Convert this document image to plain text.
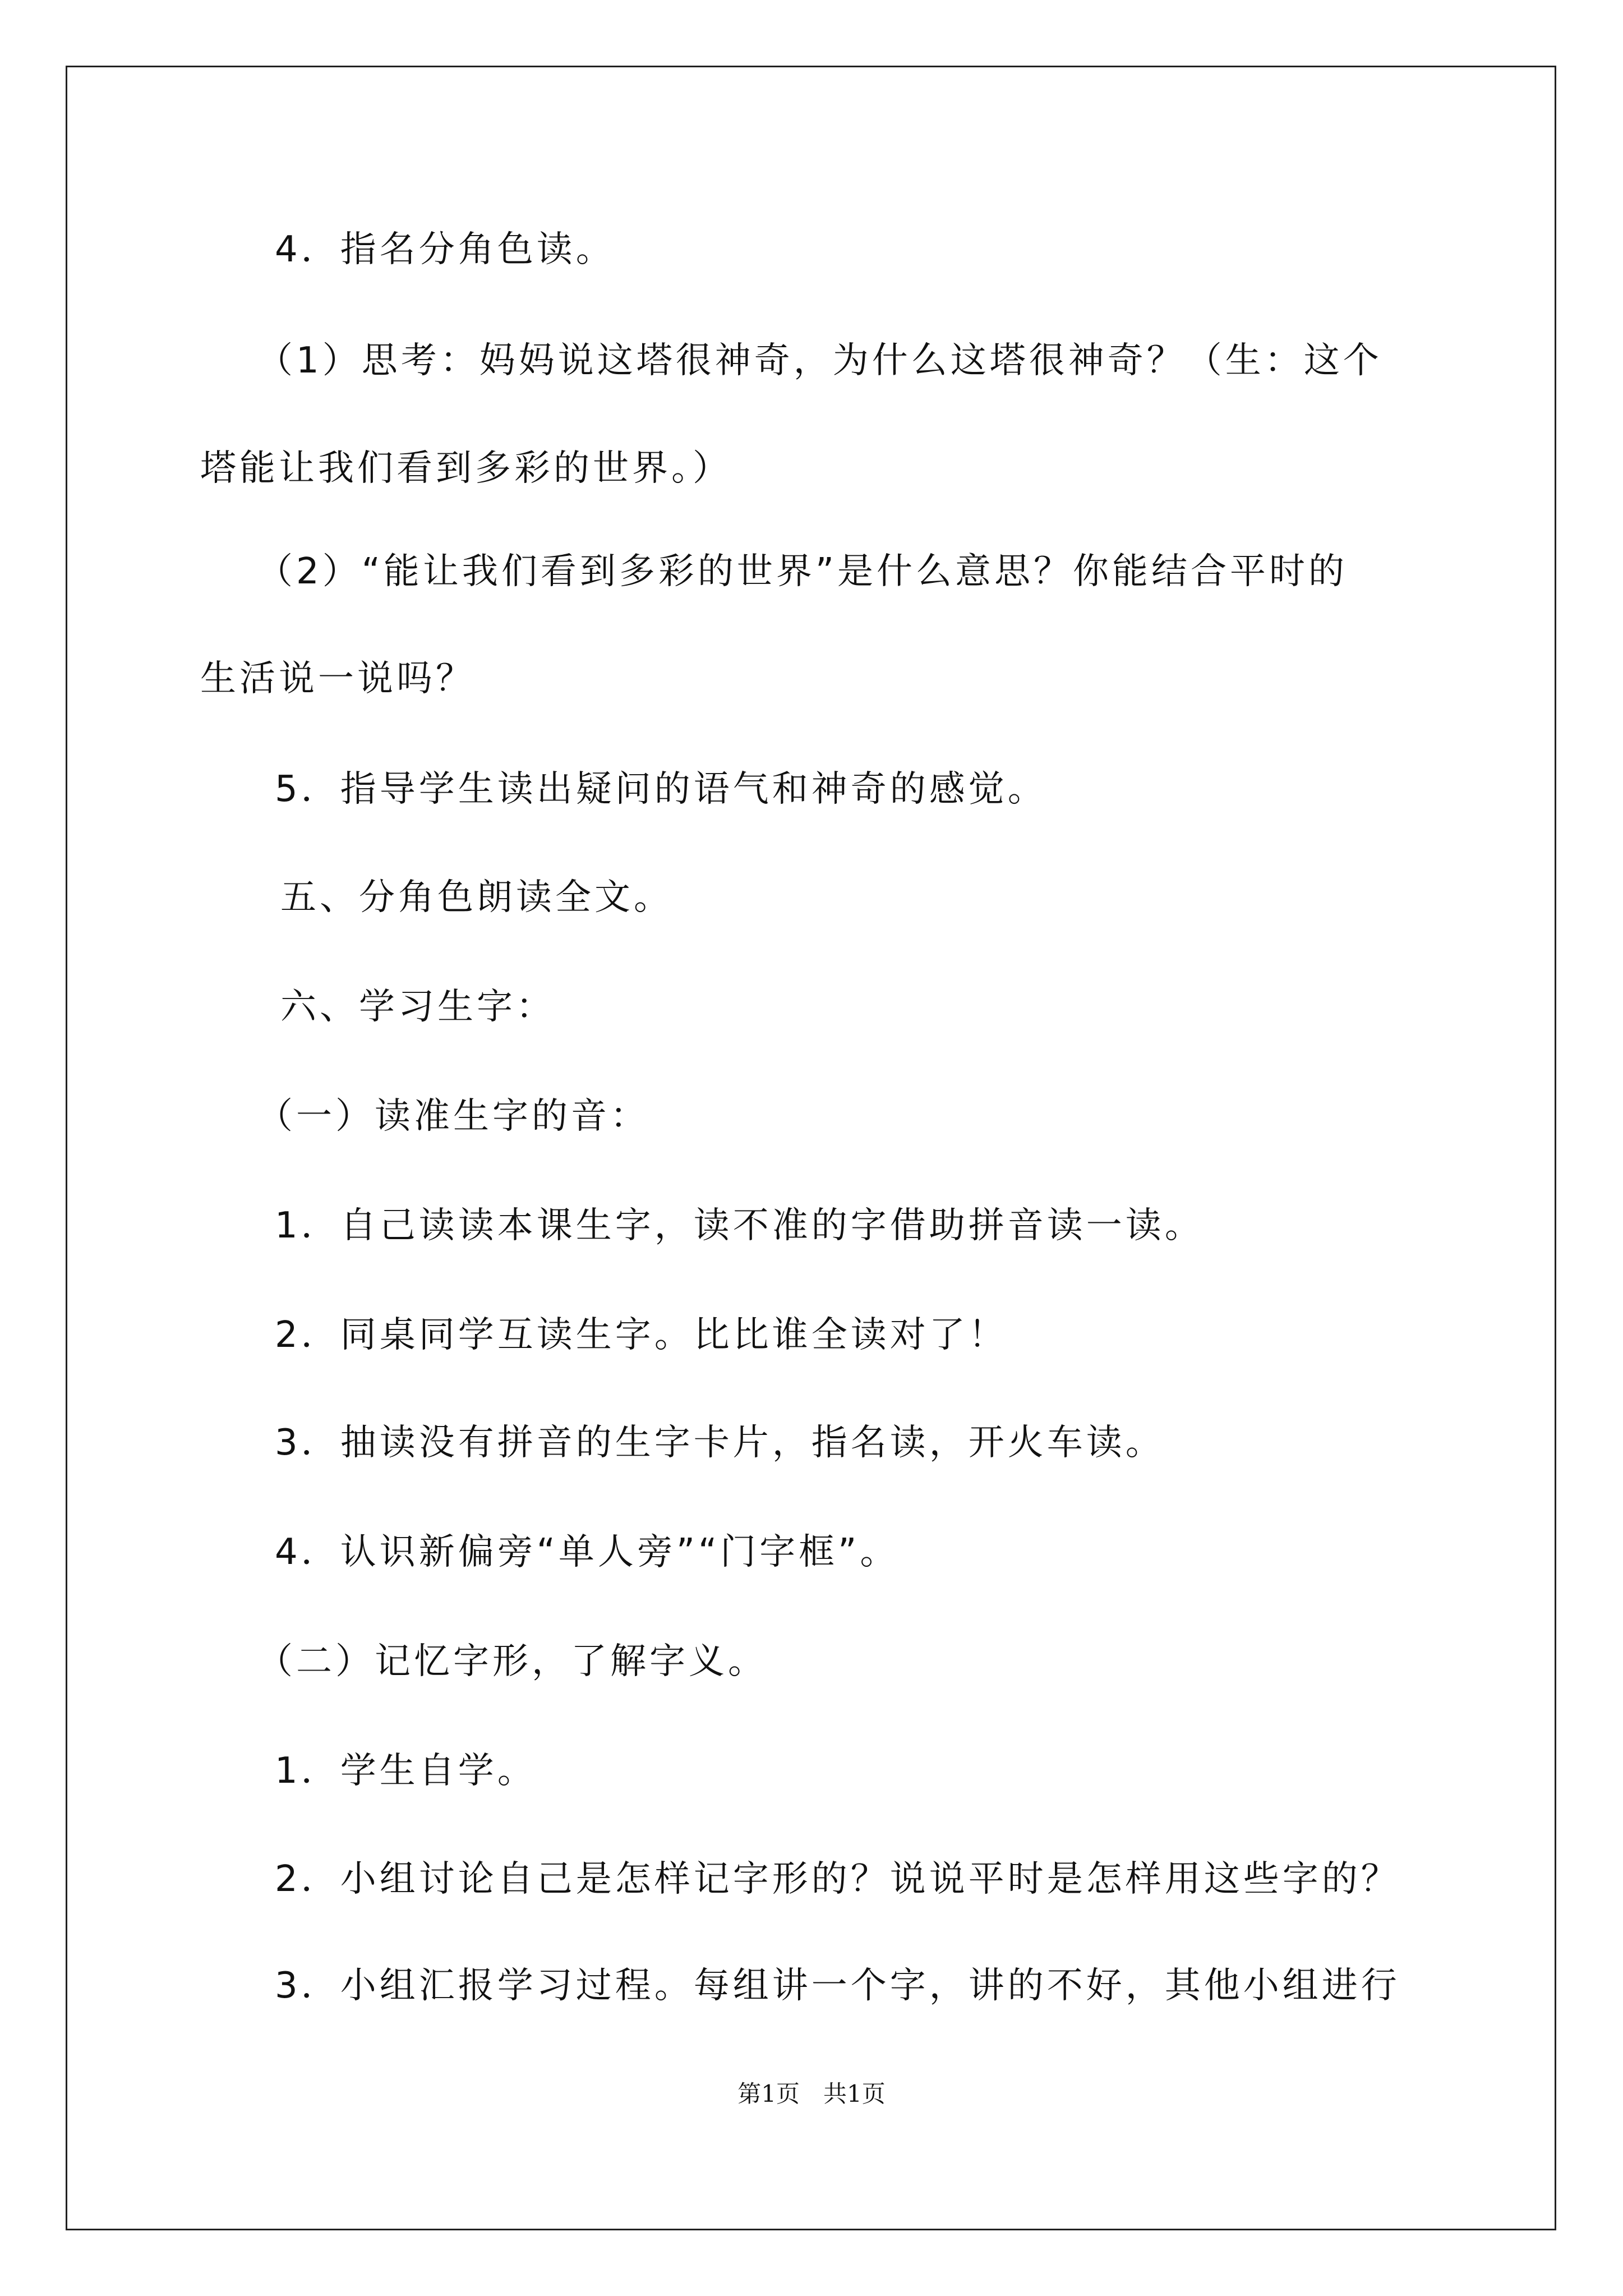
4．指名分角色读。
（1）思考：妈妈说这塔很神奇，为什么这塔很神奇？（生：这个
塔能让我们看到多彩的世界。）
（2）“能让我们看到多彩的世界”是什么意思？你能结合平时的
生活说一说吗？
5．指导学生读出疑问的语气和神奇的感觉。
五、分角色朗读全文。
六、学习生字：
（一）读准生字的音：
1．自己读读本课生字，读不准的字借助拼音读一读。
2．同桌同学互读生字。比比谁全读对了！
3．抽读没有拼音的生字卡片，指名读，开火车读。
4．认识新偏旁“单人旁”“门字框”。
（二）记忆字形，了解字义。
1．学生自学。
2．小组讨论自己是怎样记字形的？说说平时是怎样用这些字的？
3．小组汇报学习过程。每组讲一个字，讲的不好，其他小组进行
第1页　共1页
